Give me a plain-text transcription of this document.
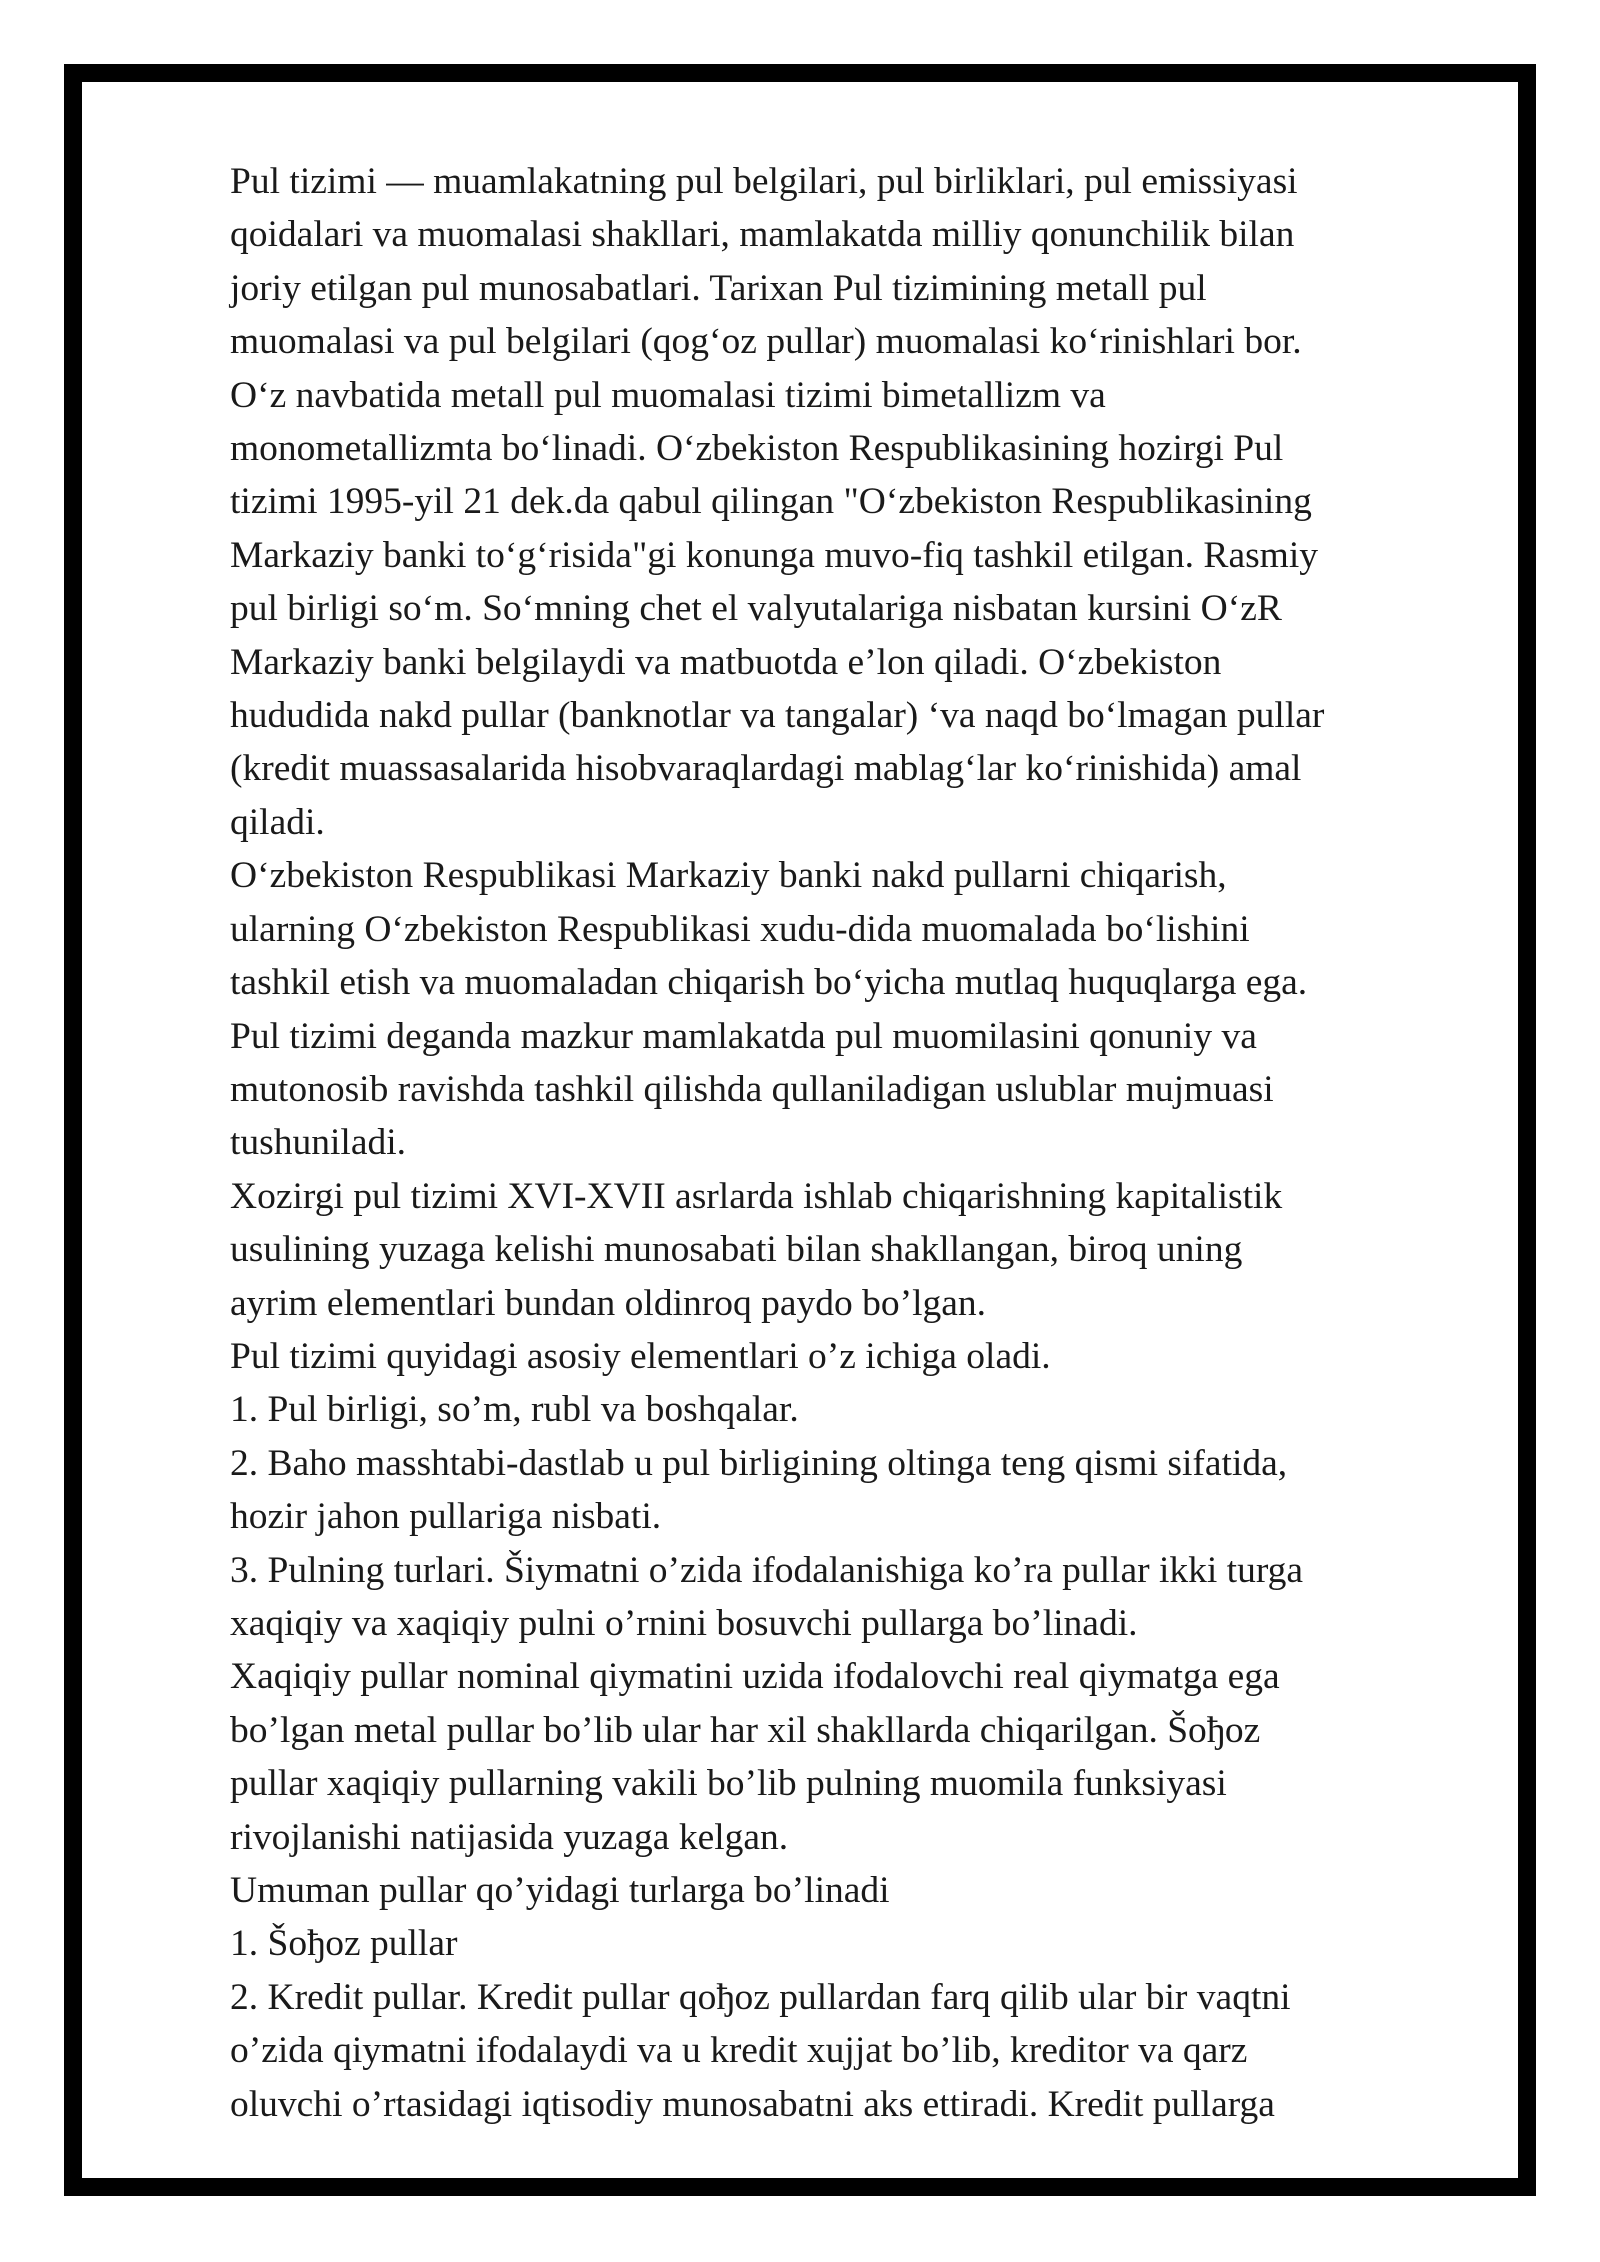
Pul tizimi — muamlakatning pul belgilari, pul birliklari, pul emissiyasi
qoidalari va muomalasi shakllari, mamlakatda milliy qonunchilik bilan
joriy etilgan pul munosabatlari. Tarixan Pul tizimining metall pul
muomalasi va pul belgilari (qogʻoz pullar) muomalasi koʻrinishlari bor.
Oʻz navbatida metall pul muomalasi tizimi bimetallizm va
monometallizmta boʻlinadi. Oʻzbekiston Respublikasining hozirgi Pul
tizimi 1995-yil 21 dek.da qabul qilingan "Oʻzbekiston Respublikasining
Markaziy banki toʻgʻrisida"gi konunga muvo-fiq tashkil etilgan. Rasmiy
pul birligi soʻm. Soʻmning chet el valyutalariga nisbatan kursini OʻzR
Markaziy banki belgilaydi va matbuotda e’lon qiladi. Oʻzbekiston
hududida nakd pullar (banknotlar va tangalar) ‘va naqd boʻlmagan pullar
(kredit muassasalarida hisobvaraqlardagi mablagʻlar koʻrinishida) amal
qiladi.
Oʻzbekiston Respublikasi Markaziy banki nakd pullarni chiqarish,
ularning Oʻzbekiston Respublikasi xudu-dida muomalada boʻlishini
tashkil etish va muomaladan chiqarish boʻyicha mutlaq huquqlarga ega.
Pul tizimi deganda mazkur mamlakatda pul muomilasini qonuniy va
mutonosib ravishda tashkil qilishda qullaniladigan uslublar mujmuasi
tushuniladi.
Xozirgi pul tizimi XVI-XVII asrlarda ishlab chiqarishning kapitalistik
usulining yuzaga kelishi munosabati bilan shakllangan, biroq uning
ayrim elementlari bundan oldinroq paydo bo’lgan.
Pul tizimi quyidagi asosiy elementlari o’z ichiga oladi.
1. Pul birligi, so’m, rubl va boshqalar.
2. Baho masshtabi-dastlab u pul birligining oltinga teng qismi sifatida,
hozir jahon pullariga nisbati.
3. Pulning turlari. Šiymatni o’zida ifodalanishiga ko’ra pullar ikki turga
xaqiqiy va xaqiqiy pulni o’rnini bosuvchi pullarga bo’linadi.
Xaqiqiy pullar nominal qiymatini uzida ifodalovchi real qiymatga ega
bo’lgan metal pullar bo’lib ular har xil shakllarda chiqarilgan. Šoђoz
pullar xaqiqiy pullarning vakili bo’lib pulning muomila funksiyasi
rivojlanishi natijasida yuzaga kelgan.
Umuman pullar qo’yidagi turlarga bo’linadi
1. Šoђoz pullar
2. Kredit pullar. Kredit pullar qoђoz pullardan farq qilib ular bir vaqtni
o’zida qiymatni ifodalaydi va u kredit xujjat bo’lib, kreditor va qarz
oluvchi o’rtasidagi iqtisodiy munosabatni aks ettiradi. Kredit pullarga
